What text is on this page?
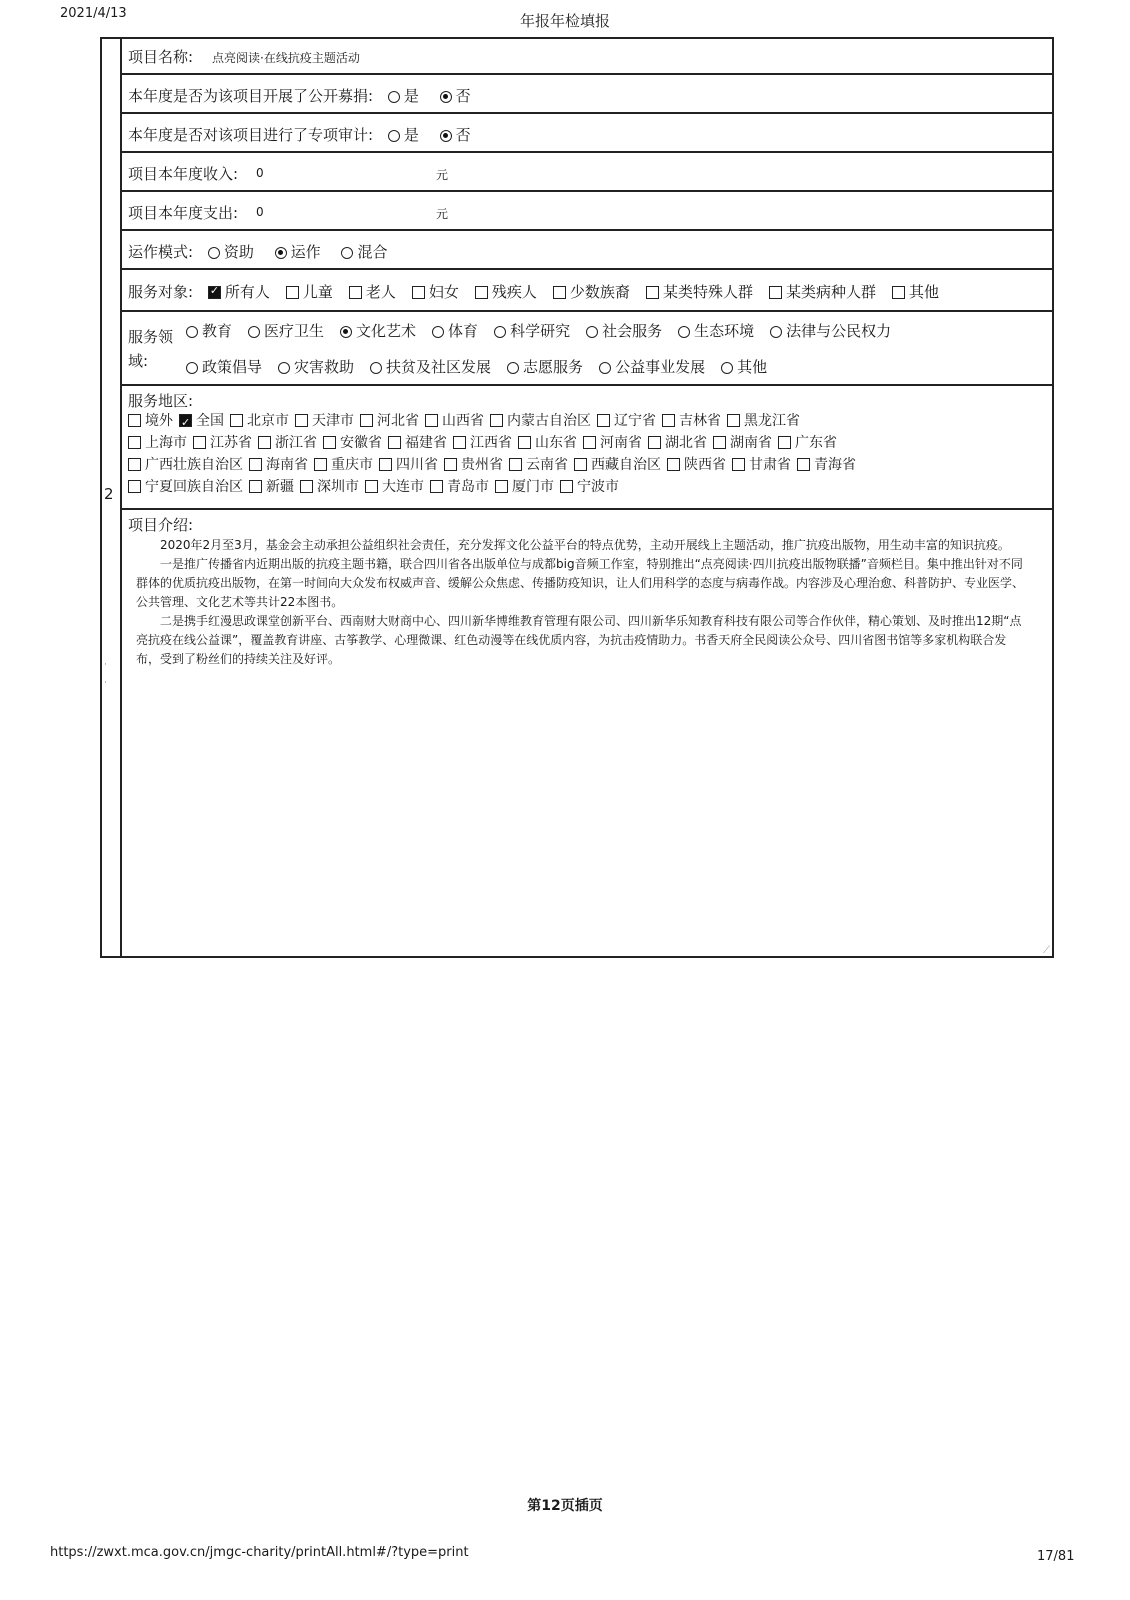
2021/4/13	年报年检填报
2
·
·
项目名称: 点亮阅读·在线抗疫主题活动
本年度是否为该项目开展了公开募捐: 是 否
本年度是否对该项目进行了专项审计: 是 否
项目本年度收入: 0	元
项目本年度支出: 0	元
运作模式: 资助 运作 混合
服务对象: ✓ 所有人 儿童 老人 妇女 残疾人 少数族裔 某类特殊人群 某类病种人群 其他
服务领
域:
教育 医疗卫生 文化艺术 体育 科学研究 社会服务 生态环境 法律与公民权力
政策倡导 灾害救助 扶贫及社区发展 志愿服务 公益事业发展 其他
服务地区:
境外 ✓ 全国 北京市 天津市 河北省 山西省 内蒙古自治区 辽宁省 吉林省 黑龙江省
上海市 江苏省 浙江省 安徽省 福建省 江西省 山东省 河南省 湖北省 湖南省 广东省
广西壮族自治区 海南省 重庆市 四川省 贵州省 云南省 西藏自治区 陕西省 甘肃省 青海省
宁夏回族自治区 新疆 深圳市 大连市 青岛市 厦门市 宁波市
项目介绍:

2020年2月至3月，基金会主动承担公益组织社会责任，充分发挥文化公益平台的特点优势，主动开展线上主题活动，推广抗疫出版物，用生动丰富的知识抗疫。

一是推广传播省内近期出版的抗疫主题书籍，联合四川省各出版单位与成都big音频工作室，特别推出“点亮阅读·四川抗疫出版物联播”音频栏目。集中推出针对不同群体的优质抗疫出版物，在第一时间向大众发布权威声音、缓解公众焦虑、传播防疫知识，让人们用科学的态度与病毒作战。内容涉及心理治愈、科普防护、专业医学、公共管理、文化艺术等共计22本图书。

二是携手红漫思政课堂创新平台、西南财大财商中心、四川新华博维教育管理有限公司、四川新华乐知教育科技有限公司等合作伙伴，精心策划、及时推出12期“点亮抗疫在线公益课”，覆盖教育讲座、古筝教学、心理微课、红色动漫等在线优质内容，为抗击疫情助力。书香天府全民阅读公众号、四川省图书馆等多家机构联合发布，受到了粉丝们的持续关注及好评。

⟋
第12页插页
https://zwxt.mca.gov.cn/jmgc-charity/printAll.html#/?type=print	17/81
